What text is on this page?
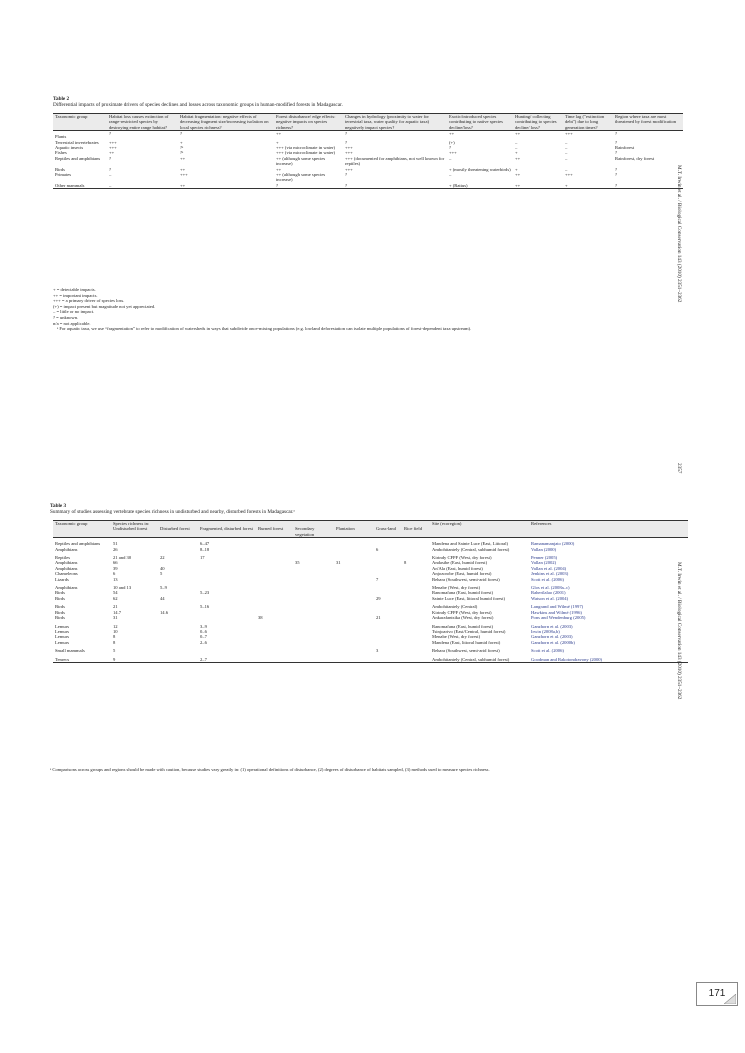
Table 2
Differential impacts of proximate drivers of species declines and losses across taxonomic groups in human-modified forests in Madagascar.
Taxonomic group	Habitat loss causes extinction of range-restricted species by destroying entire range habitat?	Habitat fragmentation: negative effects of decreasing fragment size/increasing isolation on local species richness?	Forest disturbance/ edge effects: negative impacts on species richness?	Changes in hydrology (proximity to water for terrestrial taxa, water quality for aquatic taxa) negatively impact species?	Exotic/introduced species contributing to native species decline/loss?	Hunting/ collecting contributing to species decline/ loss?	Time lag ("extinction debt") due to long generation times?	Region where taxa are most threatened by forest modification
Plants	?	?	++	?	++	++	+++	?
Terrestrial invertebrates	+++	+	+	?	(+)	–	–	?
Aquatic insects	+++	?ᵃ	+++ (via microclimate in water)	+++	?	–	–	Rainforest
Fishes	++	?ᵃ	+++ (via microclimate in water)	+++	+++	+	–	?
Reptiles and amphibians	?	++	++ (although some species increase)	+++ (documented for amphibians, not well known for reptiles)	–	++	–	Rainforest, dry forest
Birds	?	++	++	+++	+ (mostly threatening waterbirds)	+	–	?
Primates	–	+++	++ (although some species increase)	?	–	++	+++	?
Other mammals	–	++	?	?	+ (Rattus)	++	+	?
+ = detectable impacts.
++ = important impacts.
+++ = a primary driver of species loss.
(+) = impact present but magnitude not yet appreciated.
– = little or no impact.
? = unknown.
n/a = not applicable.
ᵃ For aquatic taxa, we use “fragmentation” to refer to modification of watersheds in ways that subdivide once-mixing populations (e.g. lowland deforestation can isolate multiple populations of forest-dependent taxa upstream).
Table 3
Summary of studies assessing vertebrate species richness in undisturbed and nearby, disturbed forests in Madagascar.ᵃ
Taxonomic group	Species richness in:								Site (ecoregion)	References
	Undisturbed forest	Disturbed forest	Fragmented, disturbed forest	Burned forest	Secondary vegetation	Plantation	Grass-land	Rice field		
Reptiles and amphibians	51		6–47						Mandena and Sainte Luce (East, Littoral)	Ramanamanjato (2000)
Amphibians	26		8–18				6		Ambohitantely (Central, subhumid forest)	Vallan (2000)
Reptiles	21 and 30	22	17						Kirindy CFPF (West, dry forest)	Penner (2005)
Amphibians	66				35	31		8	Andasibe (East, humid forest)	Vallan (2002)
Amphibians	39	40							An'Ala (East, humid forest)	Vallan et al. (2004)
Chameleons	6	5							Anjozorobe (East, humid forest)	Jenkins et al. (2003)
Lizards	13						7		Behara (Southwest, semi-arid forest)	Scott et al. (2006)
Amphibians	10 and 13	5–9							Menabe (West, dry forest)	Glos et al. (2008a–c)
Birds	54		5–23						Ranomafana (East, humid forest)	Raherilalao (2001)
Birds	62	44					29		Sainte Luce (East, littoral humid forest)	Watson et al. (2004)
Birds	21		5–16						Ambohitantely (Central)	Langrand and Wilmé (1997)
Birds	14.7	14.6							Kirindy CFPF (West, dry forest)	Hawkins and Wilmé (1996)
Birds	31			38			21		Ankarafantsika (West, dry forest)	Pons and Wendenburg (2005)
Lemurs	12		3–9						Ranomafana (East, humid forest)	Ganzhorn et al. (2003)
Lemurs	10		0–6						Tsinjoarivo (East/Central, humid forest)	Irwin (2008a,b)
Lemurs	8		0–7						Menabe (West, dry forest)	Ganzhorn et al. (2003)
Lemurs	8		2–6						Mandena (East, littoral humid forest)	Ganzhorn et al. (2000b)
Small mammals	5						3		Behara (Southwest, semi-arid forest)	Scott et al. (2006)
Tenrecs	9		2–7						Ambohitantely (Central, subhumid forest)	Goodman and Rakotondravony (2000)
ᵃ Comparisons across groups and regions should be made with caution, because studies vary greatly in: (1) operational definitions of disturbance, (2) degrees of disturbance of habitats sampled, (3) methods used to measure species richness.
M.T. Irwin et al. / Biological Conservation 143 (2010) 2351–2362
2357
M.T. Irwin et al. / Biological Conservation 143 (2010) 2351–2362
171
